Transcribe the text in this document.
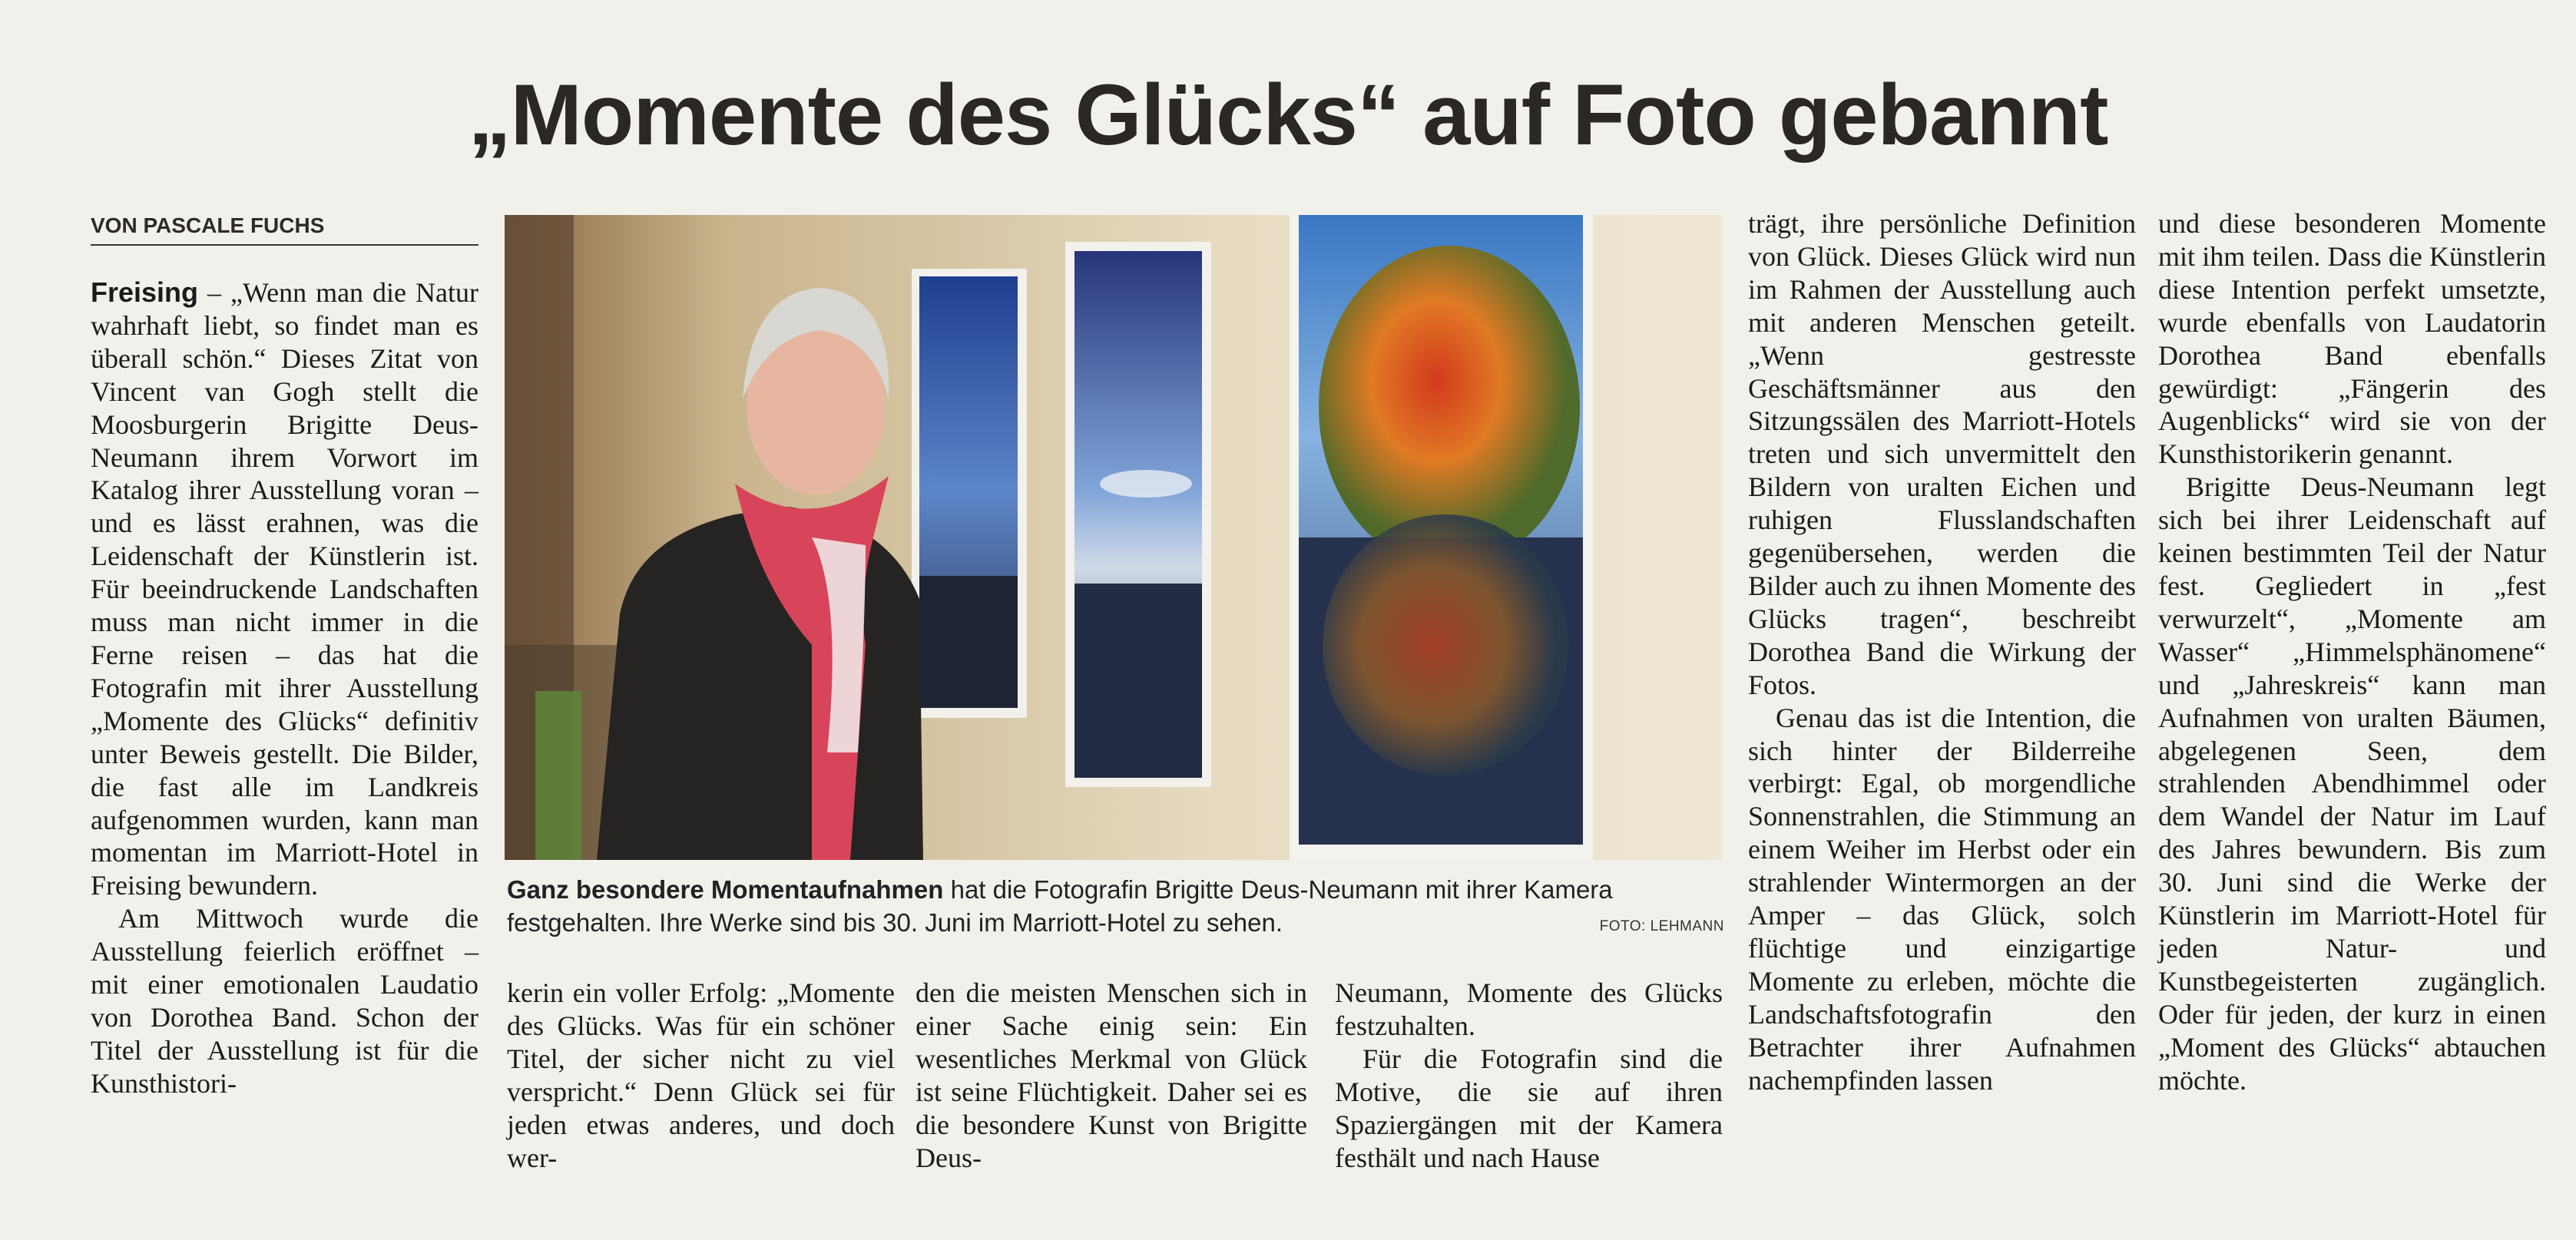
„Momente des Glücks“ auf Foto gebannt
VON PASCALE FUCHS

Freising – „Wenn man die Natur wahrhaft liebt, so findet man es überall schön.“ Dieses Zitat von Vincent van Gogh stellt die Moosburgerin Brigitte Deus-Neumann ihrem Vorwort im Katalog ihrer Ausstellung voran – und es lässt erahnen, was die Leidenschaft der Künstlerin ist. Für beeindruckende Landschaften muss man nicht immer in die Ferne reisen – das hat die Fotografin mit ihrer Ausstellung „Momente des Glücks“ definitiv unter Beweis gestellt. Die Bilder, die fast alle im Landkreis aufgenommen wurden, kann man momentan im Marriott-Hotel in Freising bewundern.

Am Mittwoch wurde die Ausstellung feierlich eröffnet – mit einer emotionalen Laudatio von Dorothea Band. Schon der Titel der Ausstellung ist für die Kunsthistori-

Ganz besondere Momentaufnahmen hat die Fotografin Brigitte Deus-Neumann mit ihrer Kamera festgehalten. Ihre Werke sind bis 30. Juni im Marriott-Hotel zu sehen.	FOTO: LEHMANN

kerin ein voller Erfolg: „Momente des Glücks. Was für ein schöner Titel, der sicher nicht zu viel verspricht.“ Denn Glück sei für jeden etwas anderes, und doch wer-

den die meisten Menschen sich in einer Sache einig sein: Ein wesentliches Merkmal von Glück ist seine Flüchtigkeit. Daher sei es die besondere Kunst von Brigitte Deus-

Neumann, Momente des Glücks festzuhalten.

Für die Fotografin sind die Motive, die sie auf ihren Spaziergängen mit der Kamera festhält und nach Hause

trägt, ihre persönliche Definition von Glück. Dieses Glück wird nun im Rahmen der Ausstellung auch mit anderen Menschen geteilt. „Wenn gestresste Geschäftsmänner aus den Sitzungssälen des Marriott-Hotels treten und sich unvermittelt den Bildern von uralten Eichen und ruhigen Flusslandschaften gegenübersehen, werden die Bilder auch zu ihnen Momente des Glücks tragen“, beschreibt Dorothea Band die Wirkung der Fotos.

Genau das ist die Intention, die sich hinter der Bilderreihe verbirgt: Egal, ob morgendliche Sonnenstrahlen, die Stimmung an einem Weiher im Herbst oder ein strahlender Wintermorgen an der Amper – das Glück, solch flüchtige und einzigartige Momente zu erleben, möchte die Landschaftsfotografin den Betrachter ihrer Aufnahmen nachempfinden lassen

und diese besonderen Momente mit ihm teilen. Dass die Künstlerin diese Intention perfekt umsetzte, wurde ebenfalls von Laudatorin Dorothea Band ebenfalls gewürdigt: „Fängerin des Augenblicks“ wird sie von der Kunsthistorikerin genannt.

Brigitte Deus-Neumann legt sich bei ihrer Leidenschaft auf keinen bestimmten Teil der Natur fest. Gegliedert in „fest verwurzelt“, „Momente am Wasser“ „Himmelsphänomene“ und „Jahreskreis“ kann man Aufnahmen von uralten Bäumen, abgelegenen Seen, dem strahlenden Abendhimmel oder dem Wandel der Natur im Lauf des Jahres bewundern. Bis zum 30. Juni sind die Werke der Künstlerin im Marriott-Hotel für jeden Natur- und Kunstbegeisterten zugänglich. Oder für jeden, der kurz in einen „Moment des Glücks“ abtauchen möchte.
